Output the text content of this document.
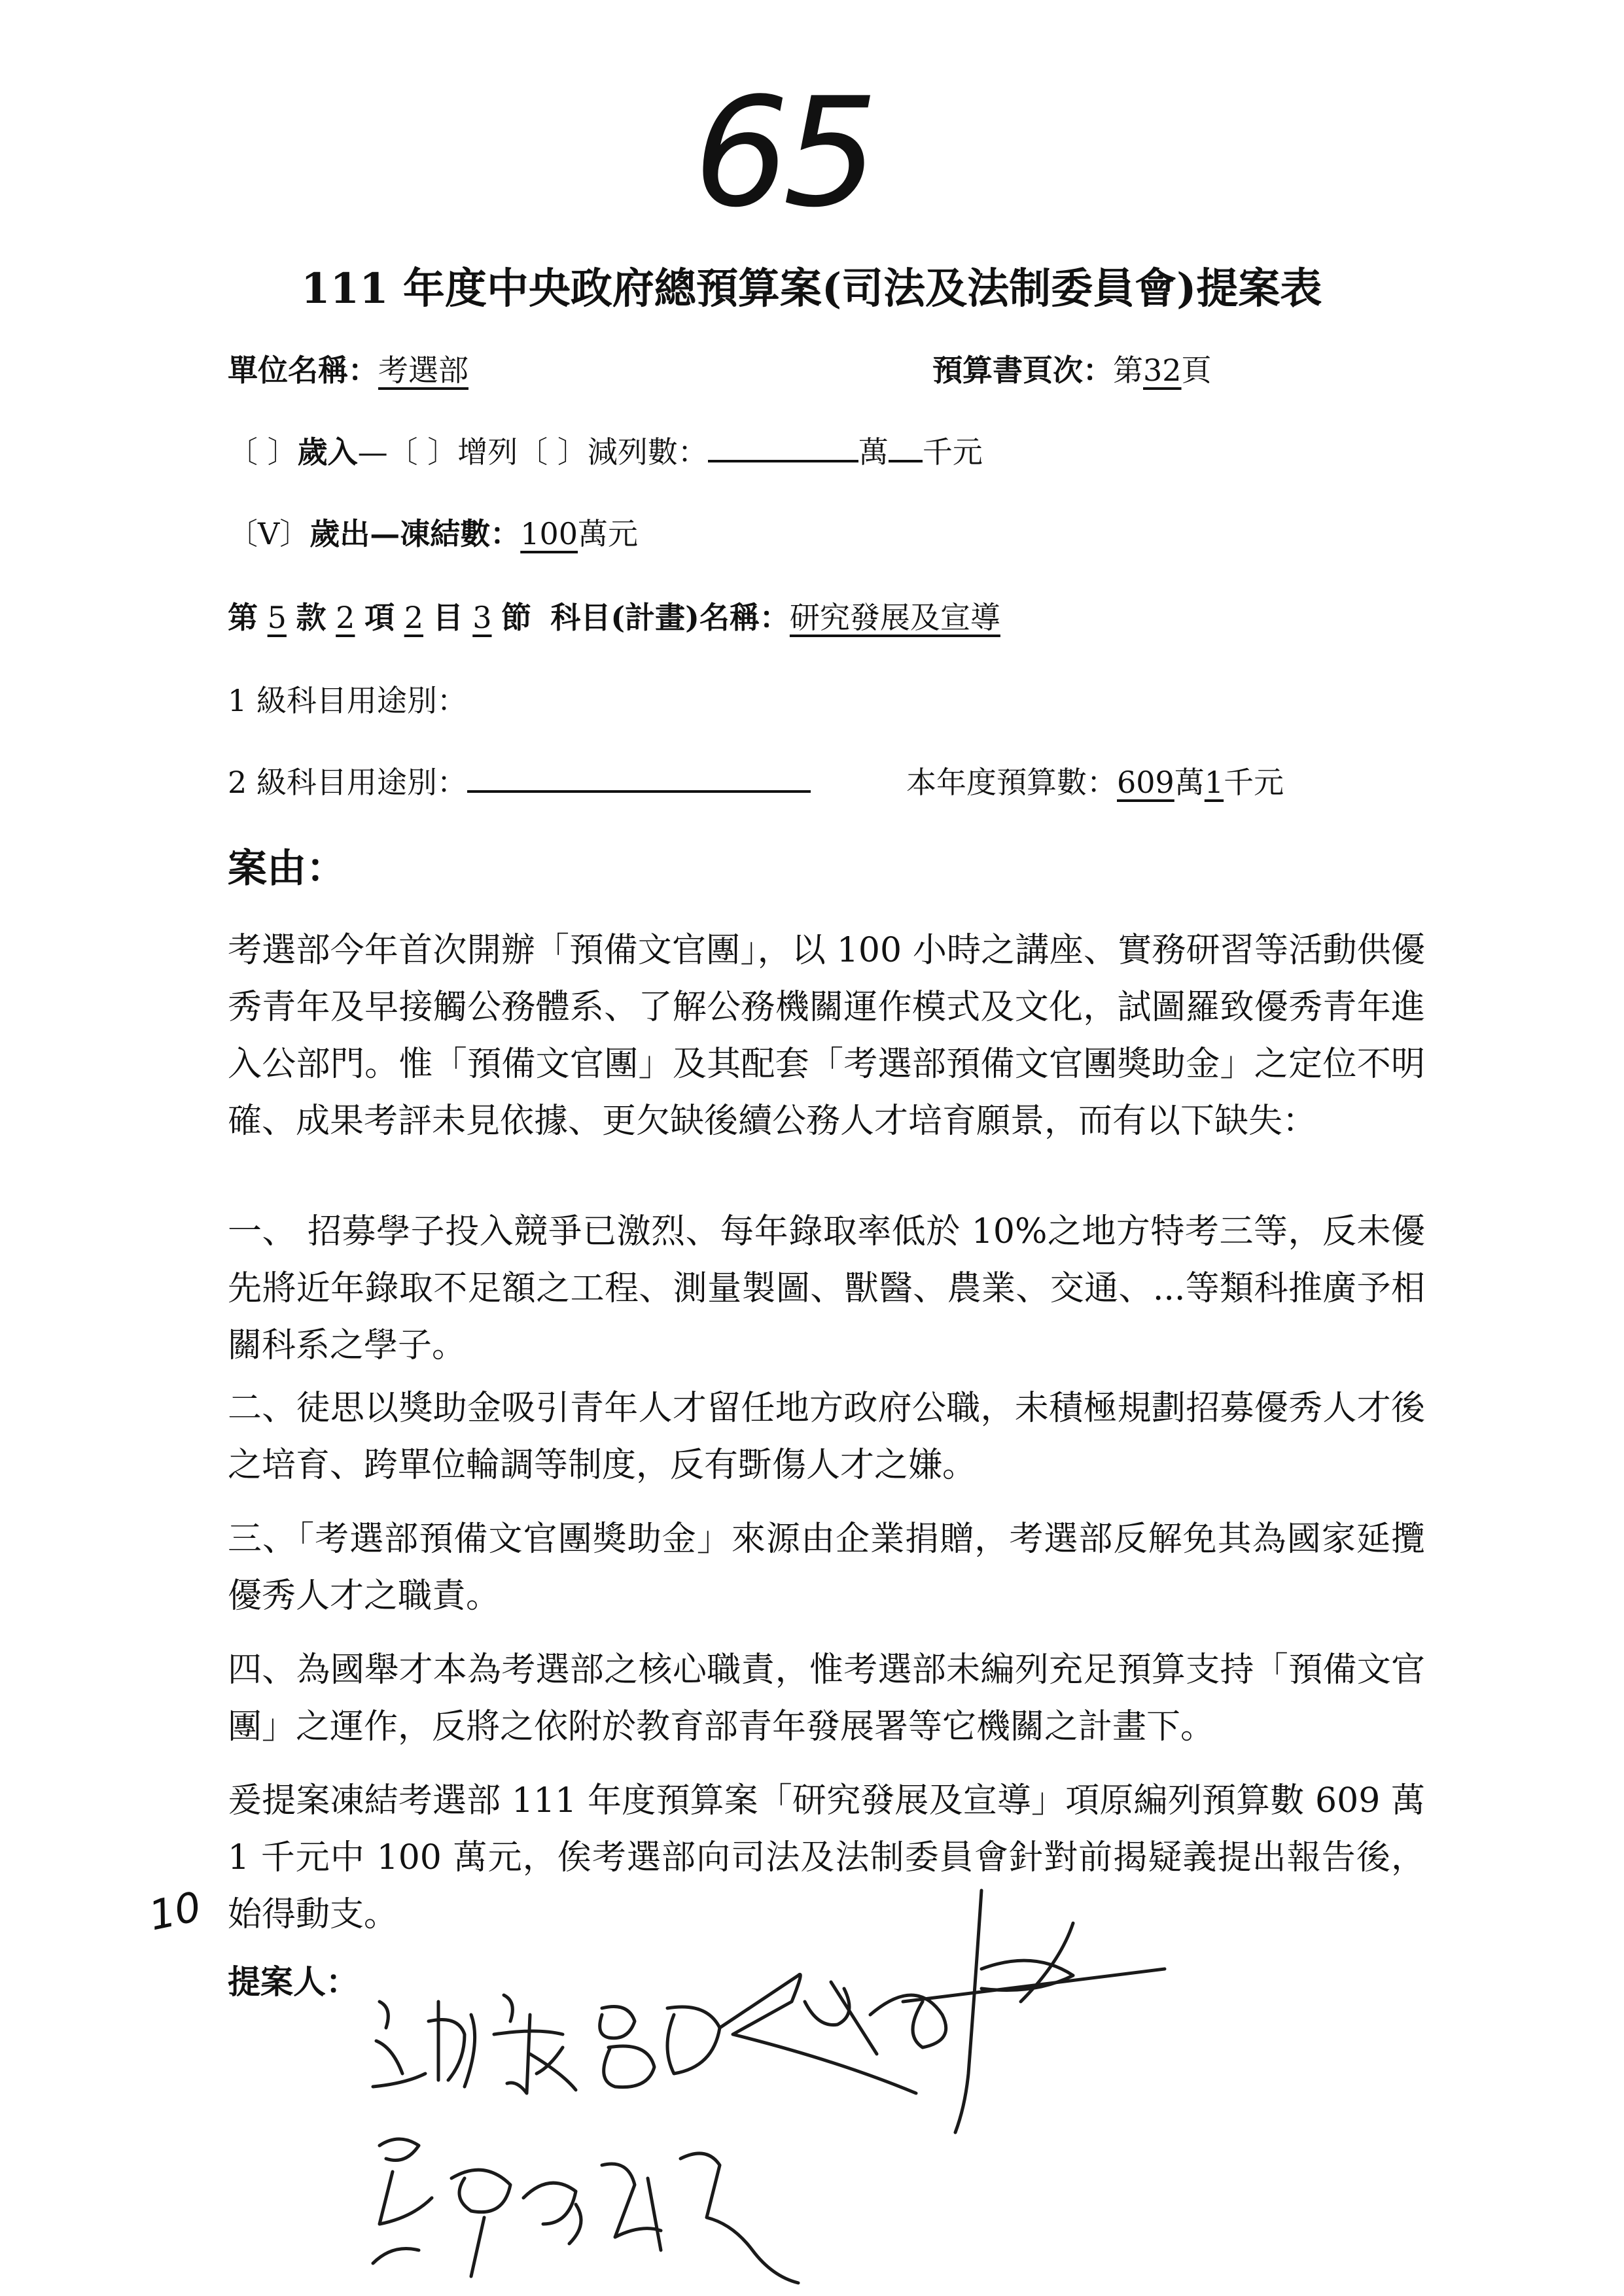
65
111 年度中央政府總預算案(司法及法制委員會)提案表
單位名稱：考選部	預算書頁次：第32頁
〔 〕歲入—〔 〕增列〔 〕減列數：	萬 千元
〔V〕歲出—凍結數：100萬元
第 5 款 2 項 2 目 3 節 科目(計畫)名稱：研究發展及宣導
1 級科目用途別：
2 級科目用途別：	本年度預算數：609萬1千元
案由：
考選部今年首次開辦「預備文官團」，以 100 小時之講座、實務研習等活動供優秀青年及早接觸公務體系、了解公務機關運作模式及文化，試圖羅致優秀青年進入公部門。惟「預備文官團」及其配套「考選部預備文官團獎助金」之定位不明確、成果考評未見依據、更欠缺後續公務人才培育願景，而有以下缺失：
一、 招募學子投入競爭已激烈、每年錄取率低於 10%之地方特考三等，反未優先將近年錄取不足額之工程、測量製圖、獸醫、農業、交通、...等類科推廣予相關科系之學子。
二、徒思以獎助金吸引青年人才留任地方政府公職，未積極規劃招募優秀人才後之培育、跨單位輪調等制度，反有斲傷人才之嫌。
三、「考選部預備文官團獎助金」來源由企業捐贈，考選部反解免其為國家延攬優秀人才之職責。
四、為國舉才本為考選部之核心職責，惟考選部未編列充足預算支持「預備文官團」之運作，反將之依附於教育部青年發展署等它機關之計畫下。
爰提案凍結考選部 111 年度預算案「研究發展及宣導」項原編列預算數 609 萬 1 千元中 100 萬元，俟考選部向司法及法制委員會針對前揭疑義提出報告後，始得動支。
10
提案人：
